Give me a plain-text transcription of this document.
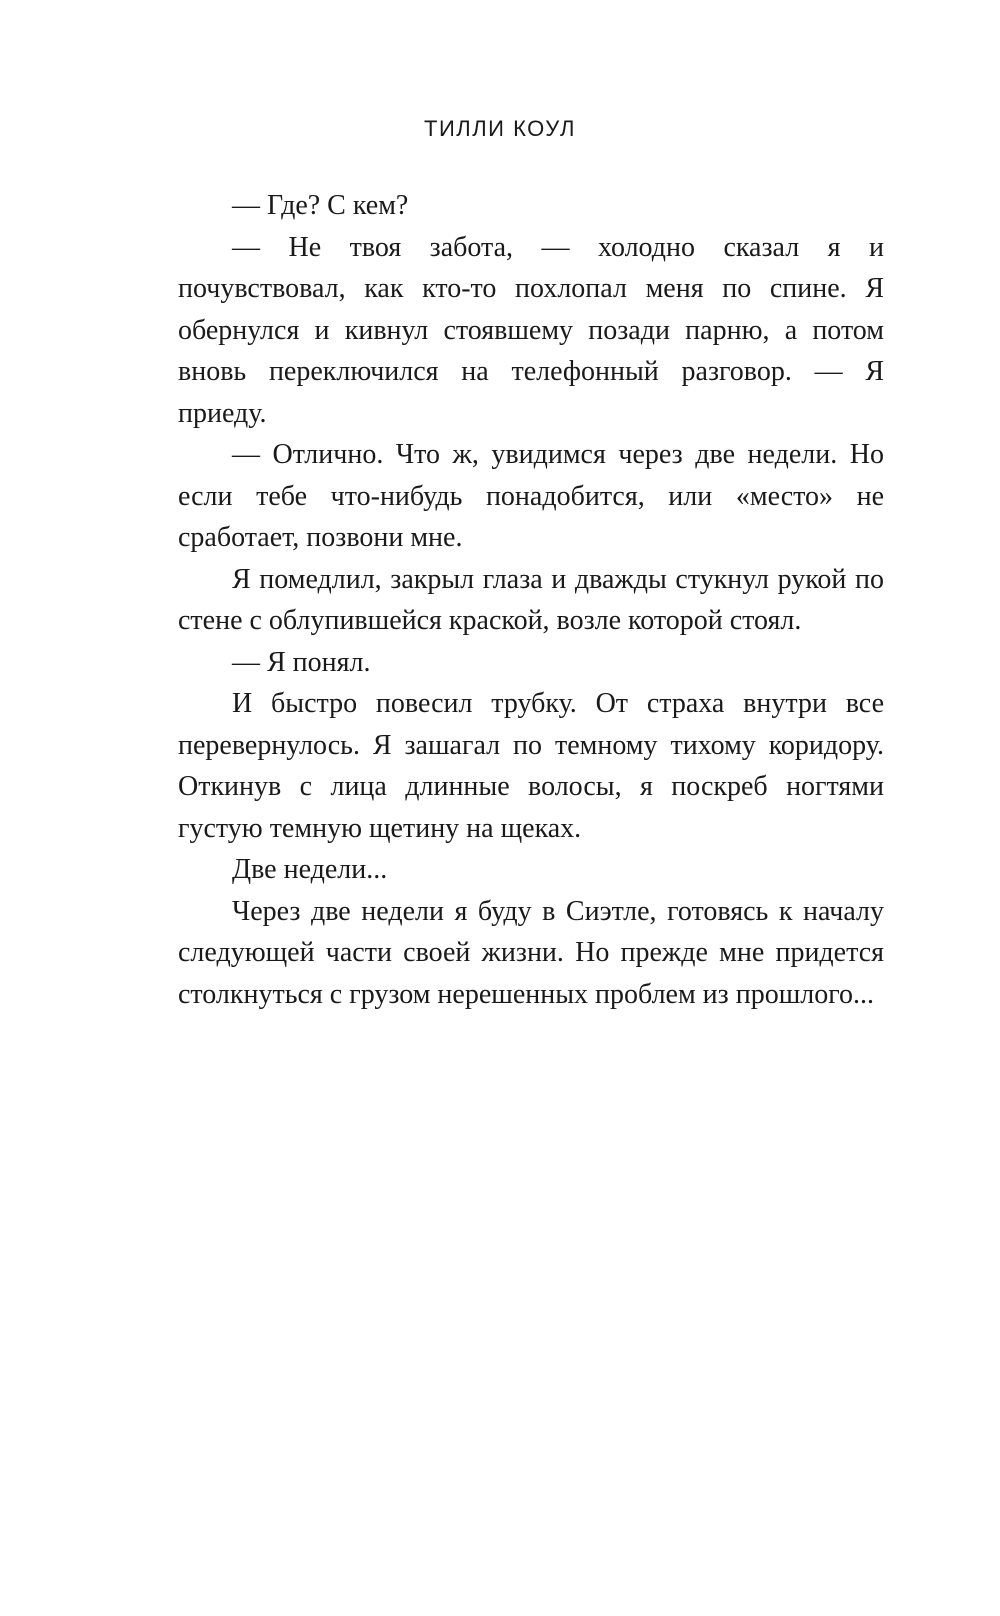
ТИЛЛИ КОУЛ

— Где? С кем?

— Не твоя забота, — холодно сказал я и почувствовал, как кто-то похлопал меня по спине. Я обернулся и кивнул стоявшему позади парню, а потом вновь переключился на телефонный разговор. — Я приеду.

— Отлично. Что ж, увидимся через две недели. Но если тебе что-нибудь понадобится, или «место» не сработает, позвони мне.

Я помедлил, закрыл глаза и дважды стукнул рукой по стене с облупившейся краской, возле которой стоял.

— Я понял.

И быстро повесил трубку. От страха внутри все перевернулось. Я зашагал по темному тихому коридору. Откинув с лица длинные волосы, я поскреб ногтями густую темную щетину на щеках.

Две недели...

Через две недели я буду в Сиэтле, готовясь к началу следующей части своей жизни. Но прежде мне придется столкнуться с грузом нерешенных проблем из прошлого...
